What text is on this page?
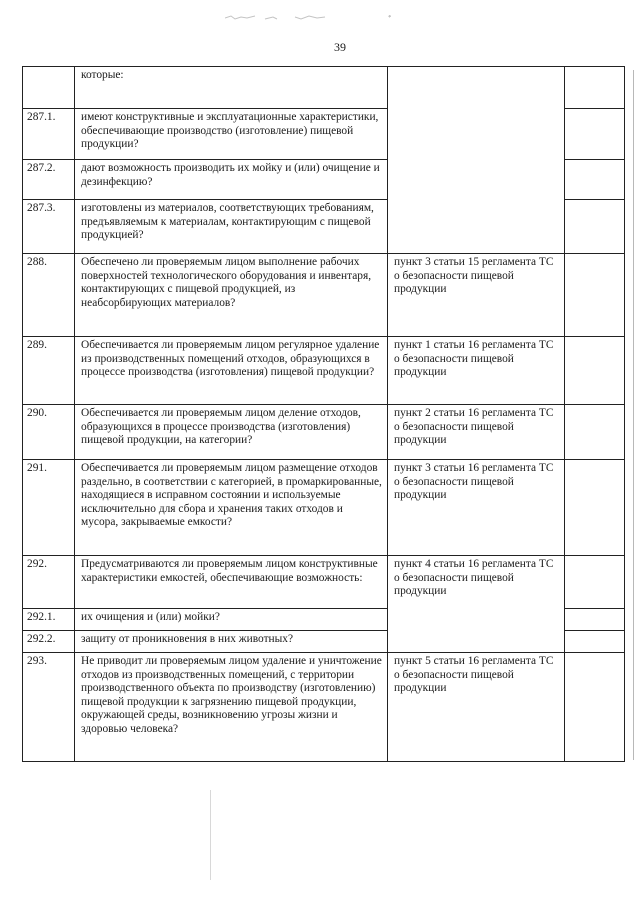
ﾞ
39
	которые:		
287.1.	имеют конструктивные и эксплуатационные характеристики, обеспечивающие производство (изготовление) пищевой продукции?		
287.2.	дают возможность производить их мойку и (или) очищение и дезинфекцию?		
287.3.	изготовлены из материалов, соответствующих требованиям, предъявляемым к материалам, контактирующим с пищевой продукцией?		
288.	Обеспечено ли проверяемым лицом выполнение рабочих поверхностей технологического оборудования и инвентаря, контактирующих с пищевой продукцией, из неабсорбирующих материалов?	пункт 3 статьи 15 регламента ТС о безопасности пищевой продукции	
289.	Обеспечивается ли проверяемым лицом регулярное удаление из производственных помещений отходов, образующихся в процессе производства (изготовления) пищевой продукции?	пункт 1 статьи 16 регламента ТС о безопасности пищевой продукции	
290.	Обеспечивается ли проверяемым лицом деление отходов, образующихся в процессе производства (изготовления) пищевой продукции, на категории?	пункт 2 статьи 16 регламента ТС о безопасности пищевой продукции	
291.	Обеспечивается ли проверяемым лицом размещение отходов раздельно, в соответствии с категорией, в промаркированные, находящиеся в исправном состоянии и используемые исключительно для сбора и хранения таких отходов и мусора, закрываемые емкости?	пункт 3 статьи 16 регламента ТС о безопасности пищевой продукции	
292.	Предусматриваются ли проверяемым лицом конструктивные характеристики емкостей, обеспечивающие возможность:	пункт 4 статьи 16 регламента ТС о безопасности пищевой продукции	
292.1.	их очищения и (или) мойки?		
292.2.	защиту от проникновения в них животных?		
293.	Не приводит ли проверяемым лицом удаление и уничтожение отходов из производственных помещений, с территории производственного объекта по производству (изготовлению) пищевой продукции к загрязнению пищевой продукции, окружающей среды, возникновению угрозы жизни и здоровью человека?	пункт 5 статьи 16 регламента ТС о безопасности пищевой продукции	
